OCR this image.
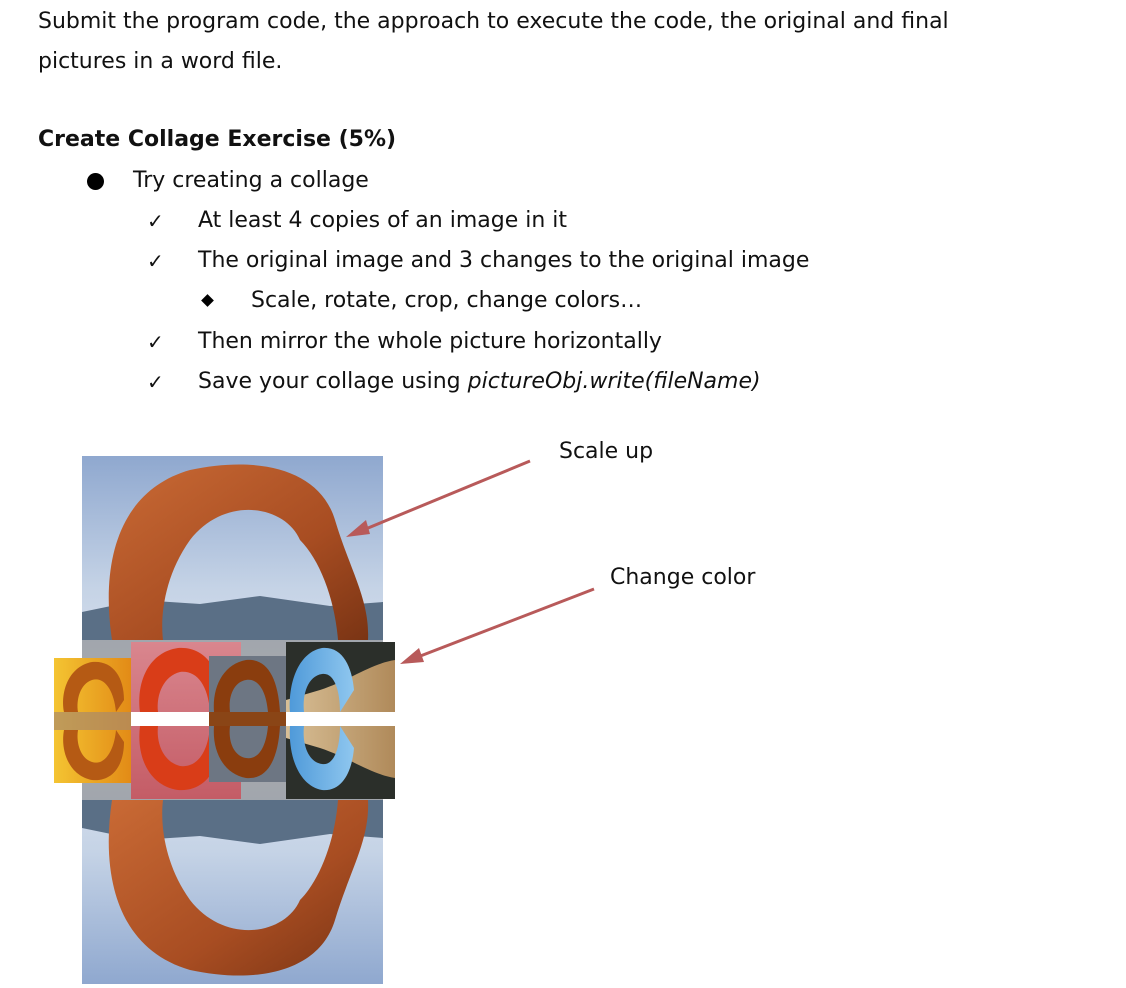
Submit the program code, the approach to execute the code, the original and final
pictures in a word file.

Create Collage Exercise (5%)
Try creating a collage
✓ At least 4 copies of an image in it
✓ The original image and 3 changes to the original image
Scale, rotate, crop, change colors…
✓ Then mirror the whole picture horizontally
✓ Save your collage using pictureObj.write(fileName)
Scale up
Change color
